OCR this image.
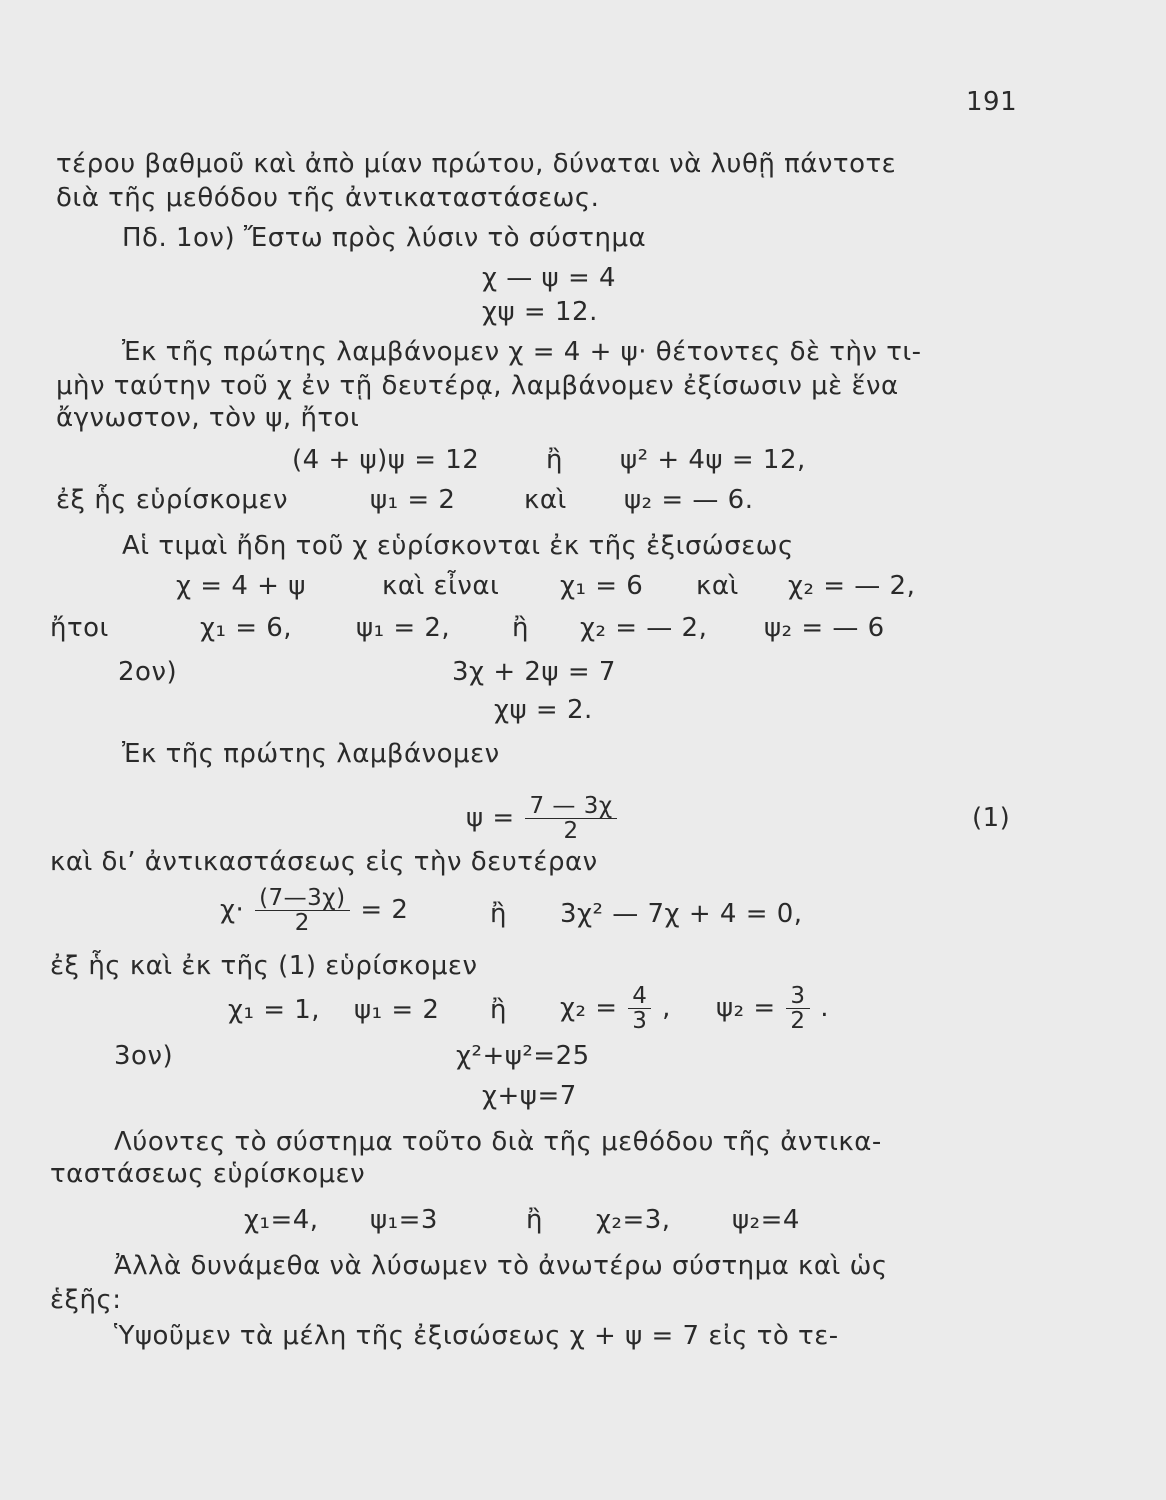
191
τέρου βαθμοῦ καὶ ἀπὸ μίαν πρώτου, δύναται νὰ λυθῇ πάντοτε
διὰ τῆς μεθόδου τῆς ἀντικαταστάσεως.
Πδ. 1ον) Ἔστω πρὸς λύσιν τὸ σύστημα
χ — ψ = 4
χψ = 12.
Ἐκ τῆς πρώτης λαμβάνομεν χ = 4 + ψ· θέτοντες δὲ τὴν τι-
μὴν ταύτην τοῦ χ ἐν τῇ δευτέρᾳ, λαμβάνομεν ἐξίσωσιν μὲ ἕνα
ἄγνωστον, τὸν ψ, ἤτοι
(4 + ψ)ψ = 12	ἢ ψ² + 4ψ = 12,
ἐξ ἧς εὑρίσκομεν	ψ₁ = 2	καὶ ψ₂ = — 6.
Αἱ τιμαὶ ἤδη τοῦ χ εὑρίσκονται ἐκ τῆς ἐξισώσεως
χ = 4 + ψ	καὶ εἶναι χ₁ = 6 καὶ χ₂ = — 2,
ἤτοι	χ₁ = 6, ψ₁ = 2, ἢ χ₂ = — 2, ψ₂ = — 6
2ον)	3χ + 2ψ = 7
χψ = 2.
Ἐκ τῆς πρώτης λαμβάνομεν
$\psi = \frac{7 — 3\chi}{2}$	(1)
καὶ δι’ ἀντικαστάσεως εἰς τὴν δευτέραν
$\chi\cdot \frac{(7—3\chi)}{2} = 2$	ἢ 3χ² — 7χ + 4 = 0,
ἐξ ἧς καὶ ἐκ τῆς (1) εὑρίσκομεν
χ₁ = 1, ψ₁ = 2 ἢ $\chi_2 = \frac{4}{3}$ , $\psi_2 = \frac{3}{2}$ .
3ον)	χ²+ψ²=25
χ+ψ=7
Λύοντες τὸ σύστημα τοῦτο διὰ τῆς μεθόδου τῆς ἀντικα-
ταστάσεως εὑρίσκομεν
χ₁=4, ψ₁=3	ἢ χ₂=3, ψ₂=4
Ἀλλὰ δυνάμεθα νὰ λύσωμεν τὸ ἀνωτέρω σύστημα καὶ ὡς
ἑξῆς:
Ὑψοῦμεν τὰ μέλη τῆς ἐξισώσεως χ + ψ = 7 εἰς τὸ τε-
